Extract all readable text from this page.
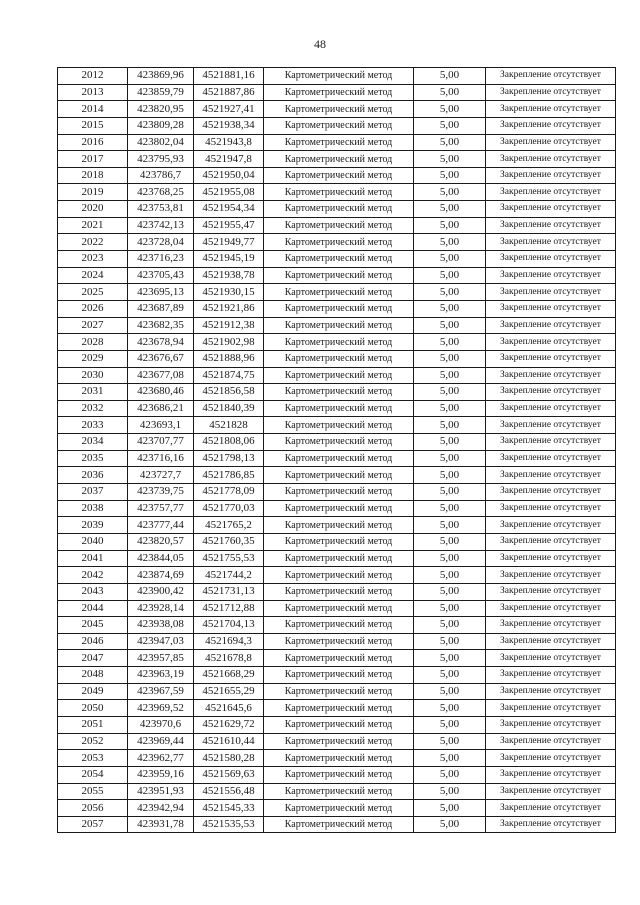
48
2012	423869,96	4521881,16	Картометрический метод	5,00	Закрепление отсутствует
2013	423859,79	4521887,86	Картометрический метод	5,00	Закрепление отсутствует
2014	423820,95	4521927,41	Картометрический метод	5,00	Закрепление отсутствует
2015	423809,28	4521938,34	Картометрический метод	5,00	Закрепление отсутствует
2016	423802,04	4521943,8	Картометрический метод	5,00	Закрепление отсутствует
2017	423795,93	4521947,8	Картометрический метод	5,00	Закрепление отсутствует
2018	423786,7	4521950,04	Картометрический метод	5,00	Закрепление отсутствует
2019	423768,25	4521955,08	Картометрический метод	5,00	Закрепление отсутствует
2020	423753,81	4521954,34	Картометрический метод	5,00	Закрепление отсутствует
2021	423742,13	4521955,47	Картометрический метод	5,00	Закрепление отсутствует
2022	423728,04	4521949,77	Картометрический метод	5,00	Закрепление отсутствует
2023	423716,23	4521945,19	Картометрический метод	5,00	Закрепление отсутствует
2024	423705,43	4521938,78	Картометрический метод	5,00	Закрепление отсутствует
2025	423695,13	4521930,15	Картометрический метод	5,00	Закрепление отсутствует
2026	423687,89	4521921,86	Картометрический метод	5,00	Закрепление отсутствует
2027	423682,35	4521912,38	Картометрический метод	5,00	Закрепление отсутствует
2028	423678,94	4521902,98	Картометрический метод	5,00	Закрепление отсутствует
2029	423676,67	4521888,96	Картометрический метод	5,00	Закрепление отсутствует
2030	423677,08	4521874,75	Картометрический метод	5,00	Закрепление отсутствует
2031	423680,46	4521856,58	Картометрический метод	5,00	Закрепление отсутствует
2032	423686,21	4521840,39	Картометрический метод	5,00	Закрепление отсутствует
2033	423693,1	4521828	Картометрический метод	5,00	Закрепление отсутствует
2034	423707,77	4521808,06	Картометрический метод	5,00	Закрепление отсутствует
2035	423716,16	4521798,13	Картометрический метод	5,00	Закрепление отсутствует
2036	423727,7	4521786,85	Картометрический метод	5,00	Закрепление отсутствует
2037	423739,75	4521778,09	Картометрический метод	5,00	Закрепление отсутствует
2038	423757,77	4521770,03	Картометрический метод	5,00	Закрепление отсутствует
2039	423777,44	4521765,2	Картометрический метод	5,00	Закрепление отсутствует
2040	423820,57	4521760,35	Картометрический метод	5,00	Закрепление отсутствует
2041	423844,05	4521755,53	Картометрический метод	5,00	Закрепление отсутствует
2042	423874,69	4521744,2	Картометрический метод	5,00	Закрепление отсутствует
2043	423900,42	4521731,13	Картометрический метод	5,00	Закрепление отсутствует
2044	423928,14	4521712,88	Картометрический метод	5,00	Закрепление отсутствует
2045	423938,08	4521704,13	Картометрический метод	5,00	Закрепление отсутствует
2046	423947,03	4521694,3	Картометрический метод	5,00	Закрепление отсутствует
2047	423957,85	4521678,8	Картометрический метод	5,00	Закрепление отсутствует
2048	423963,19	4521668,29	Картометрический метод	5,00	Закрепление отсутствует
2049	423967,59	4521655,29	Картометрический метод	5,00	Закрепление отсутствует
2050	423969,52	4521645,6	Картометрический метод	5,00	Закрепление отсутствует
2051	423970,6	4521629,72	Картометрический метод	5,00	Закрепление отсутствует
2052	423969,44	4521610,44	Картометрический метод	5,00	Закрепление отсутствует
2053	423962,77	4521580,28	Картометрический метод	5,00	Закрепление отсутствует
2054	423959,16	4521569,63	Картометрический метод	5,00	Закрепление отсутствует
2055	423951,93	4521556,48	Картометрический метод	5,00	Закрепление отсутствует
2056	423942,94	4521545,33	Картометрический метод	5,00	Закрепление отсутствует
2057	423931,78	4521535,53	Картометрический метод	5,00	Закрепление отсутствует
